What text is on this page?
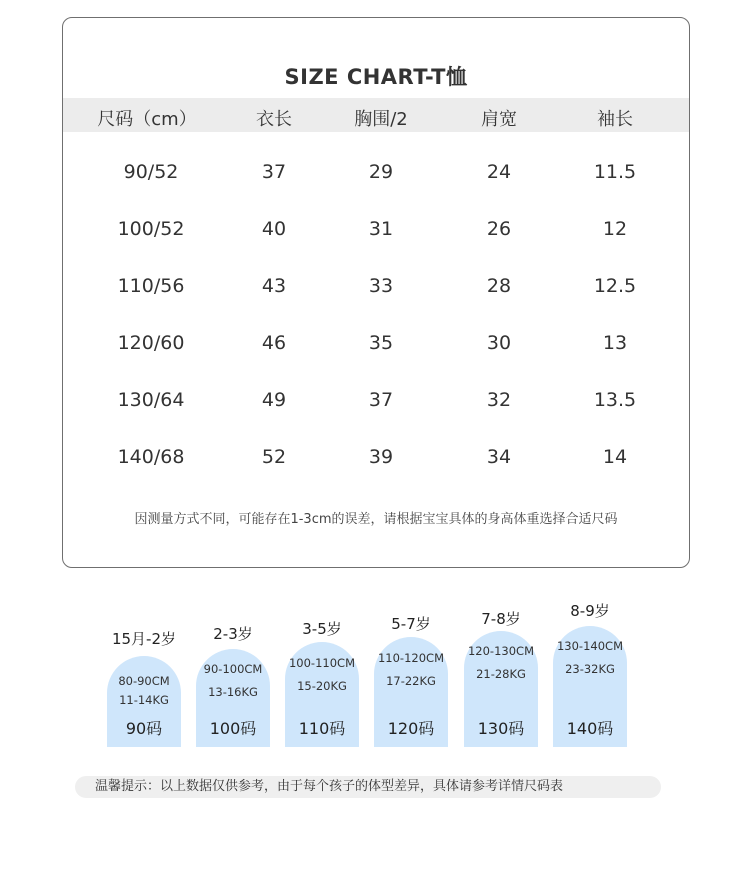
SIZE CHART-T恤
尺码（cm）	衣长	胸围/2	肩宽	袖长
90/52	37	29	24	11.5
100/52	40	31	26	12
110/56	43	33	28	12.5
120/60	46	35	30	13
130/64	49	37	32	13.5
140/68	52	39	34	14
因测量方式不同，可能存在1-3cm的误差，请根据宝宝具体的身高体重选择合适尺码
15月-2岁
80-90CM
11-14KG
90码
2-3岁
90-100CM
13-16KG
100码
3-5岁
100-110CM
15-20KG
110码
5-7岁
110-120CM
17-22KG
120码
7-8岁
120-130CM
21-28KG
130码
8-9岁
130-140CM
23-32KG
140码
温馨提示：以上数据仅供参考，由于每个孩子的体型差异，具体请参考详情尺码表
